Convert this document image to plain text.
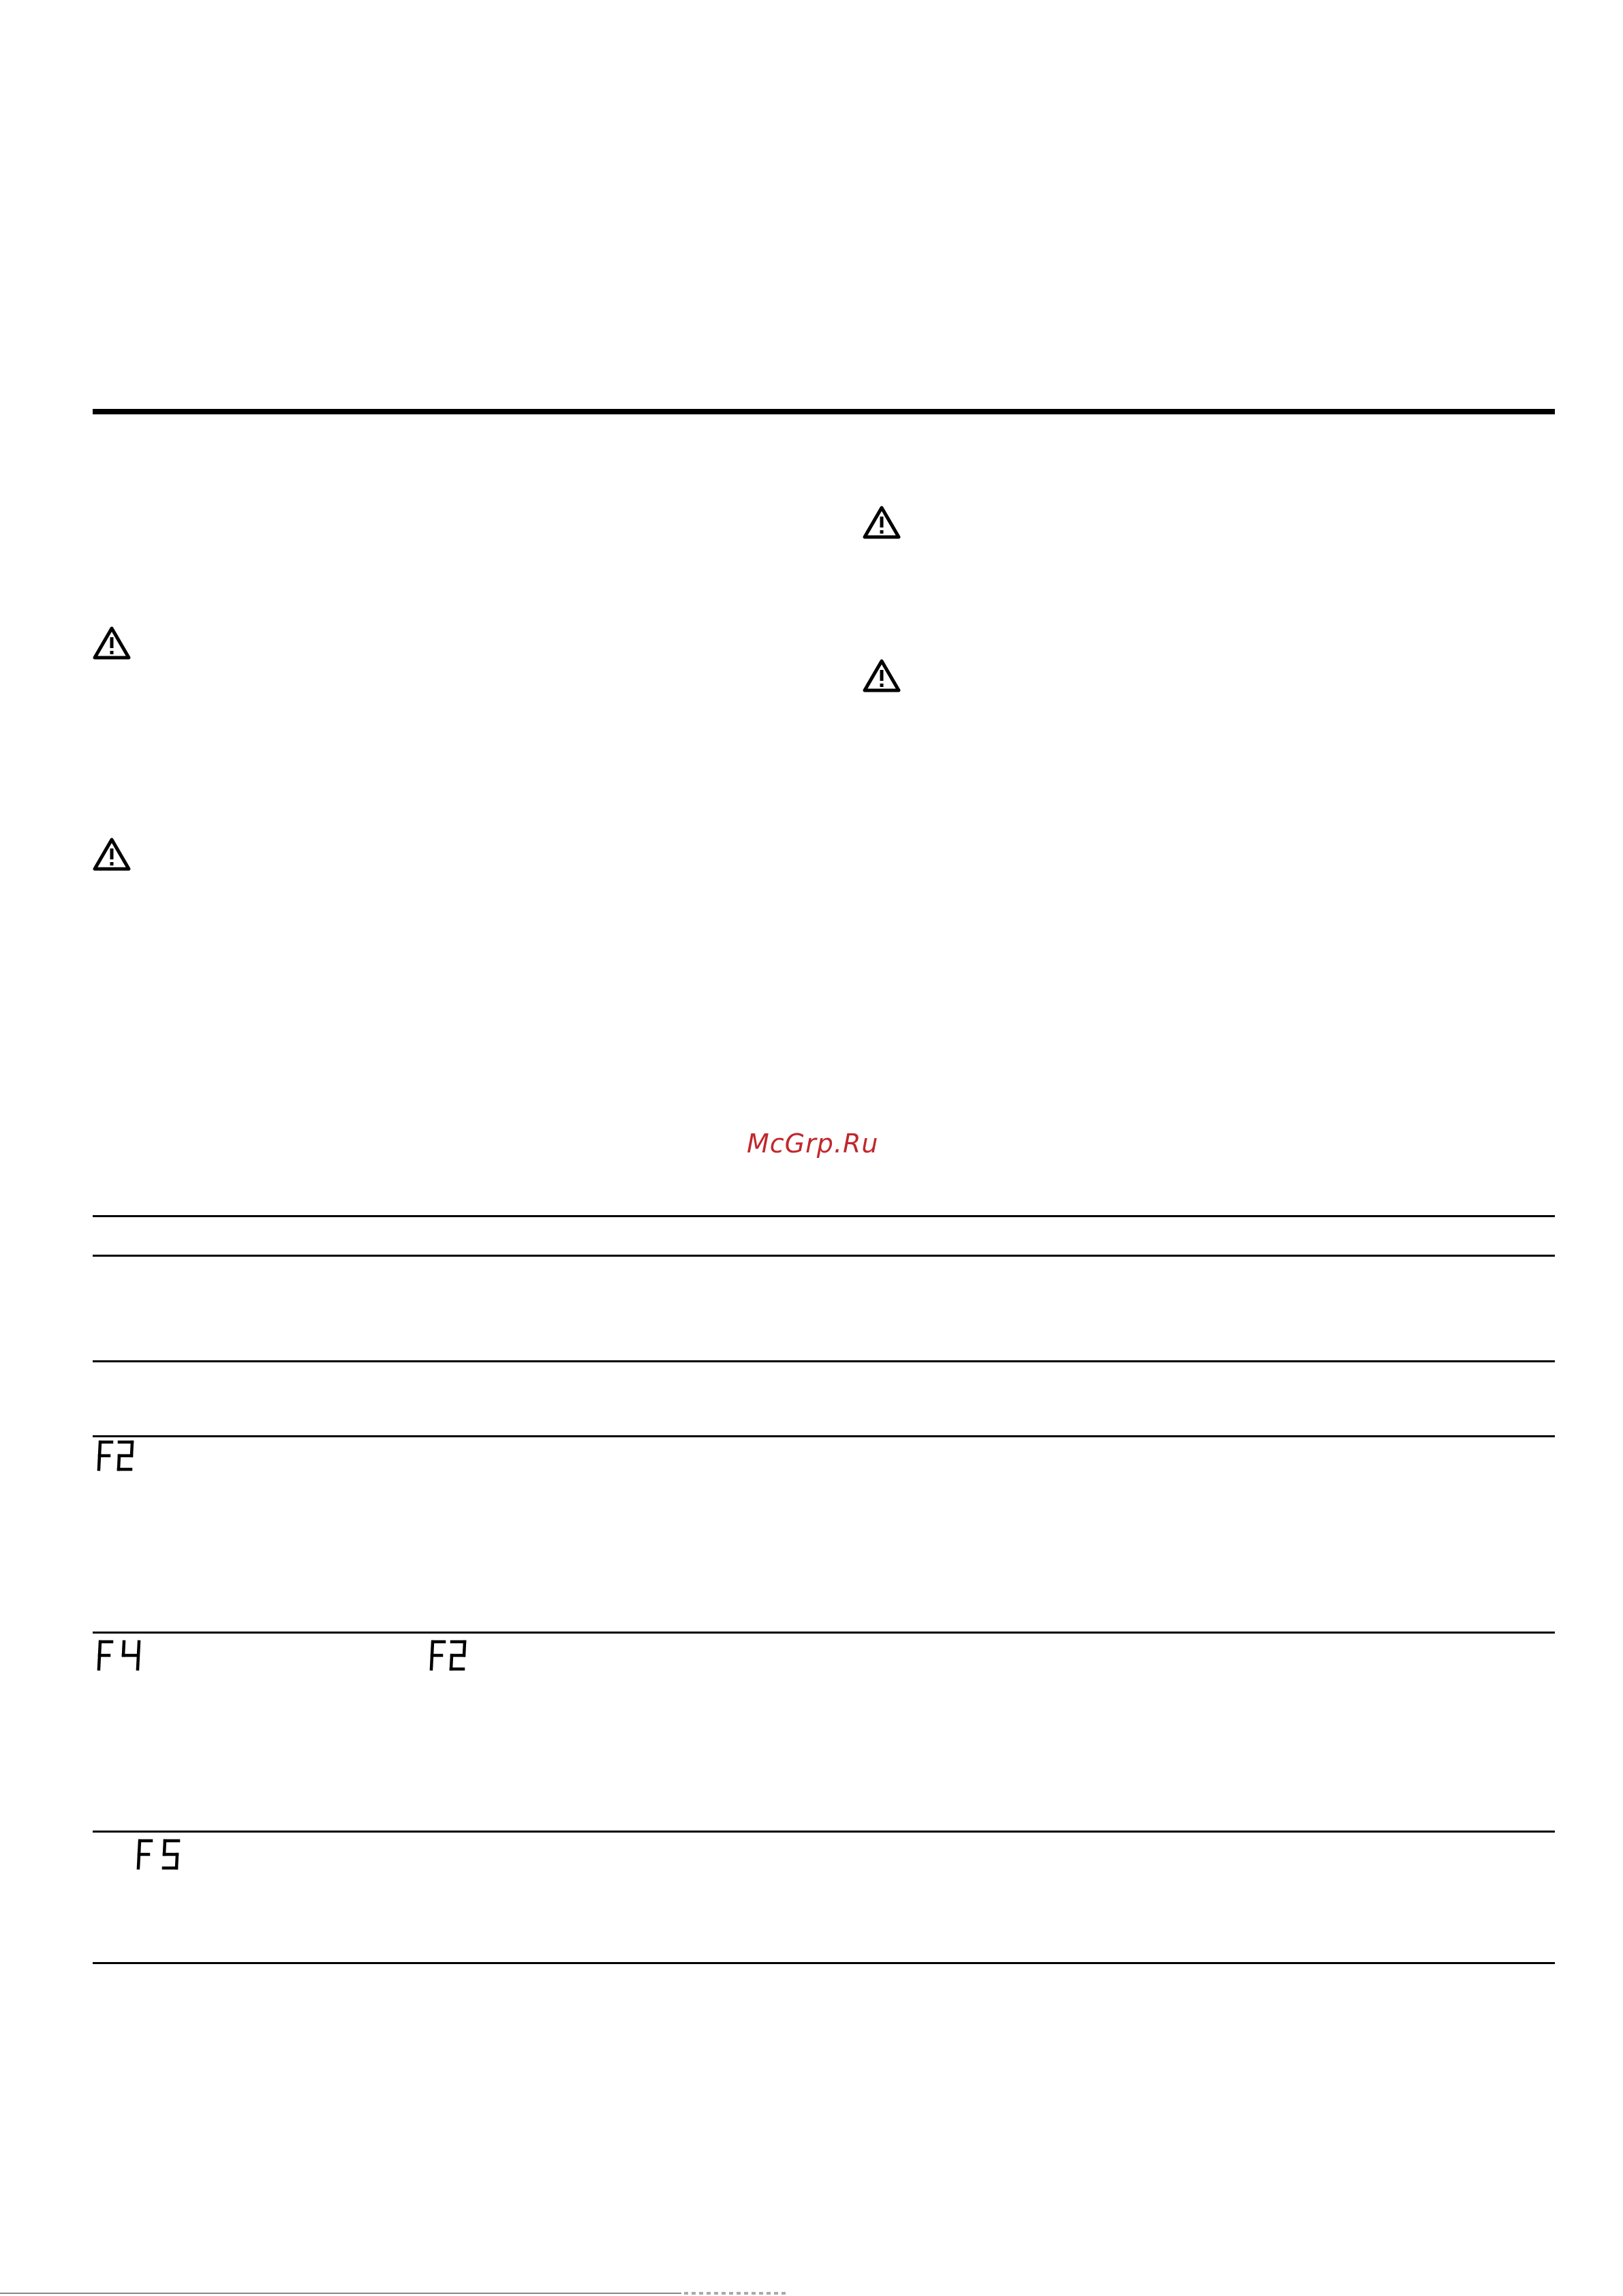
McGrp.Ru
F2
F4	F2
F5
